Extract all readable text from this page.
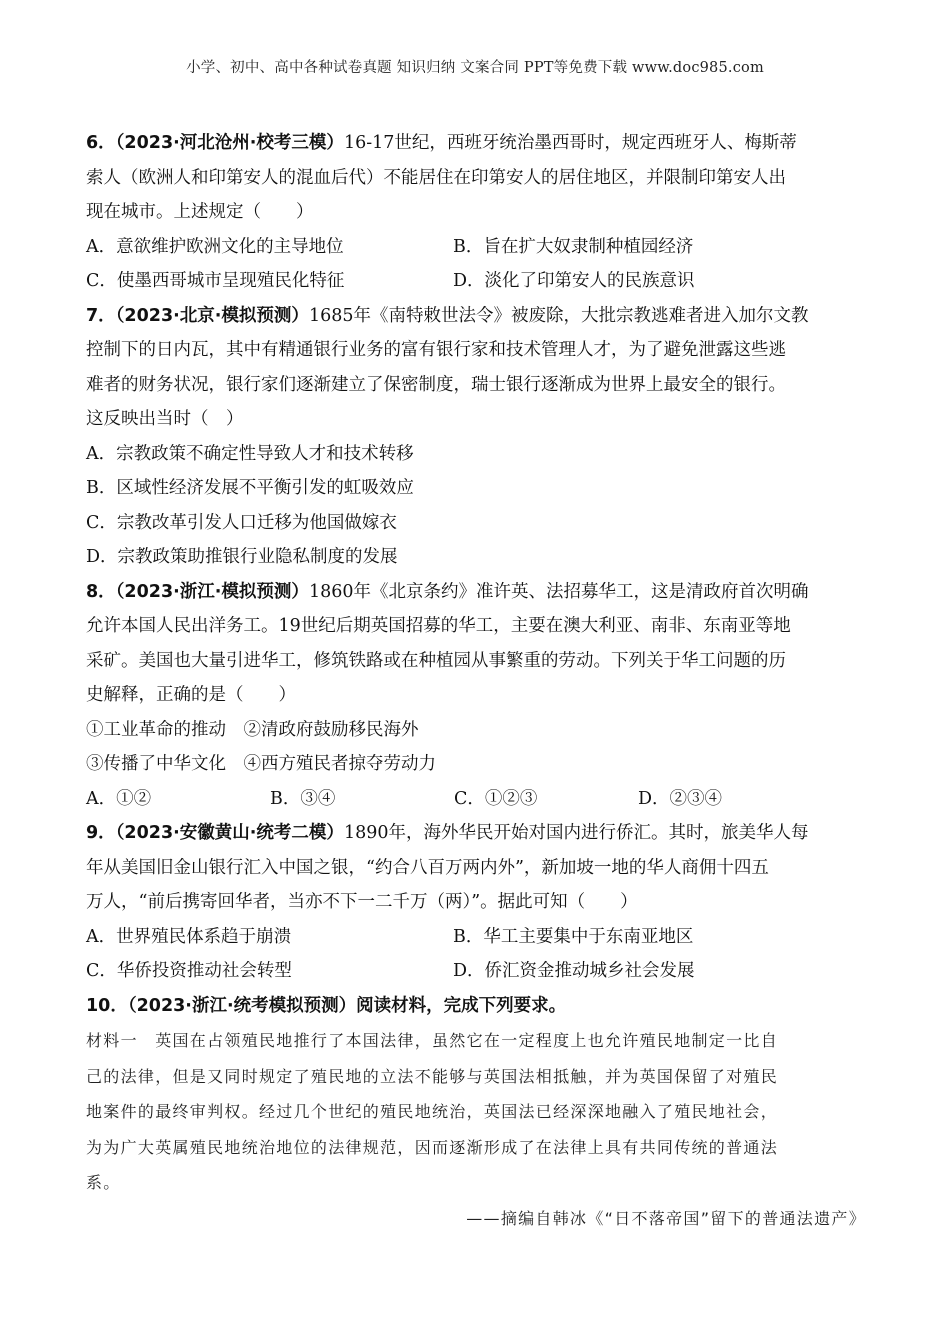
小学、初中、高中各种试卷真题 知识归纳 文案合同 PPT等免费下载 www.doc985.com
6．（2023·河北沧州·校考三模）16-17世纪，西班牙统治墨西哥时，规定西班牙人、梅斯蒂
索人（欧洲人和印第安人的混血后代）不能居住在印第安人的居住地区，并限制印第安人出
现在城市。上述规定（　　）
A．意欲维护欧洲文化的主导地位	B．旨在扩大奴隶制种植园经济
C．使墨西哥城市呈现殖民化特征	D．淡化了印第安人的民族意识
7．（2023·北京·模拟预测）1685年《南特敕世法令》被废除，大批宗教逃难者进入加尔文教
控制下的日内瓦，其中有精通银行业务的富有银行家和技术管理人才，为了避免泄露这些逃
难者的财务状况，银行家们逐渐建立了保密制度，瑞士银行逐渐成为世界上最安全的银行。
这反映出当时（　）
A．宗教政策不确定性导致人才和技术转移
B．区域性经济发展不平衡引发的虹吸效应
C．宗教改革引发人口迁移为他国做嫁衣
D．宗教政策助推银行业隐私制度的发展
8．（2023·浙江·模拟预测）1860年《北京条约》准许英、法招募华工，这是清政府首次明确
允许本国人民出洋务工。19世纪后期英国招募的华工，主要在澳大利亚、南非、东南亚等地
采矿。美国也大量引进华工，修筑铁路或在种植园从事繁重的劳动。下列关于华工问题的历
史解释，正确的是（　　）
①工业革命的推动　②清政府鼓励移民海外
③传播了中华文化　④西方殖民者掠夺劳动力
A．①②	B．③④	C．①②③	D．②③④
9．（2023·安徽黄山·统考二模）1890年，海外华民开始对国内进行侨汇。其时，旅美华人每
年从美国旧金山银行汇入中国之银，“约合八百万两内外”，新加坡一地的华人商佣十四五
万人，“前后携寄回华者，当亦不下一二千万（两）”。据此可知（　　）
A．世界殖民体系趋于崩溃	B．华工主要集中于东南亚地区
C．华侨投资推动社会转型	D．侨汇资金推动城乡社会发展
10．（2023·浙江·统考模拟预测）阅读材料，完成下列要求。
材料一　英国在占领殖民地推行了本国法律，虽然它在一定程度上也允许殖民地制定一比自
己的法律，但是又同时规定了殖民地的立法不能够与英国法相抵触，并为英国保留了对殖民
地案件的最终审判权。经过几个世纪的殖民地统治，英国法已经深深地融入了殖民地社会，
为为广大英属殖民地统治地位的法律规范，因而逐渐形成了在法律上具有共同传统的普通法
系。
——摘编自韩冰《“日不落帝国”留下的普通法遗产》
